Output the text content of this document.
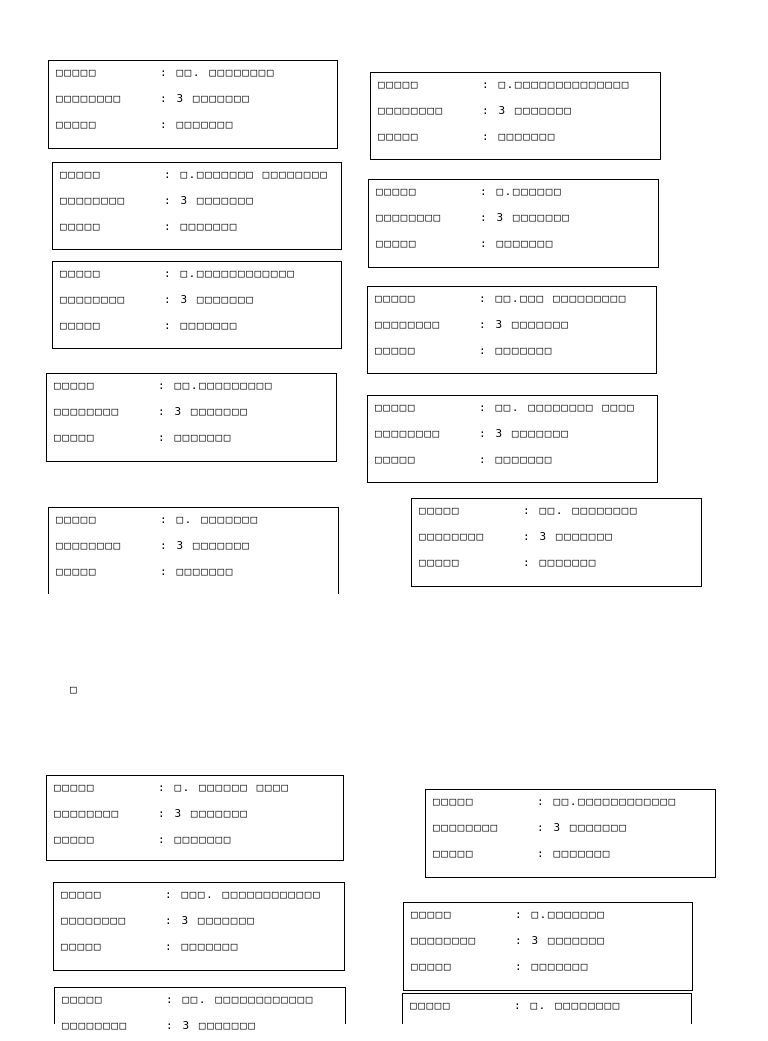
□□□□□	: □□. □□□□□□□□
□□□□□□□□	: 3 □□□□□□□
□□□□□	: □□□□□□□
□□□□□	: □.□□□□□□□□□□□□□□
□□□□□□□□	: 3 □□□□□□□
□□□□□	: □□□□□□□
□□□□□	: □.□□□□□□□ □□□□□□□□
□□□□□□□□	: 3 □□□□□□□
□□□□□	: □□□□□□□
□□□□□	: □.□□□□□□
□□□□□□□□	: 3 □□□□□□□
□□□□□	: □□□□□□□
□□□□□	: □.□□□□□□□□□□□□
□□□□□□□□	: 3 □□□□□□□
□□□□□	: □□□□□□□
□□□□□	: □□.□□□ □□□□□□□□□
□□□□□□□□	: 3 □□□□□□□
□□□□□	: □□□□□□□
□□□□□	: □□.□□□□□□□□□
□□□□□□□□	: 3 □□□□□□□
□□□□□	: □□□□□□□
□□□□□	: □□. □□□□□□□□ □□□□
□□□□□□□□	: 3 □□□□□□□
□□□□□	: □□□□□□□
□□□□□	: □. □□□□□□□
□□□□□□□□	: 3 □□□□□□□
□□□□□	: □□□□□□□
□□□□□	: □□. □□□□□□□□
□□□□□□□□	: 3 □□□□□□□
□□□□□	: □□□□□□□
□
□□□□□	: □. □□□□□□ □□□□
□□□□□□□□	: 3 □□□□□□□
□□□□□	: □□□□□□□
□□□□□	: □□.□□□□□□□□□□□□
□□□□□□□□	: 3 □□□□□□□
□□□□□	: □□□□□□□
□□□□□	: □□□. □□□□□□□□□□□□
□□□□□□□□	: 3 □□□□□□□
□□□□□	: □□□□□□□
□□□□□	: □.□□□□□□□
□□□□□□□□	: 3 □□□□□□□
□□□□□	: □□□□□□□
□□□□□	: □□. □□□□□□□□□□□□
□□□□□□□□	: 3 □□□□□□□
□□□□□	: □. □□□□□□□□
